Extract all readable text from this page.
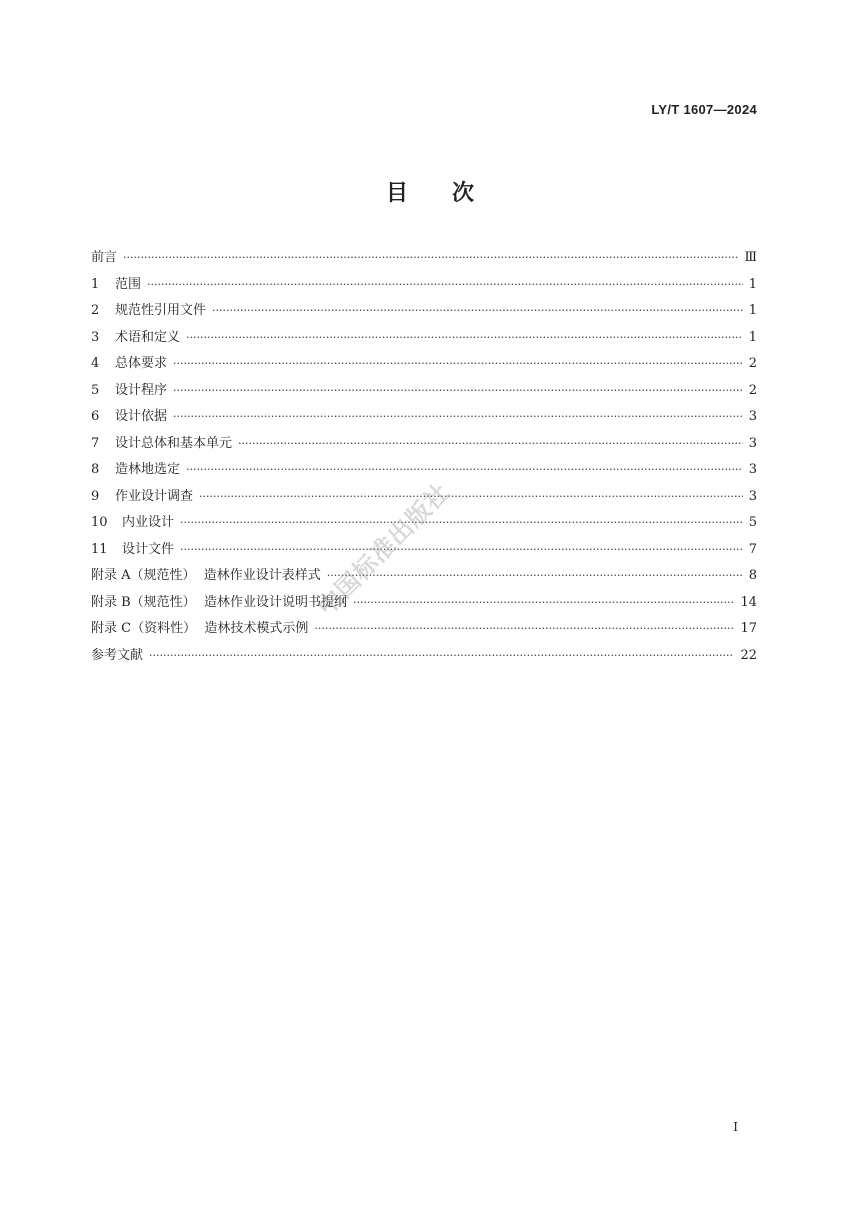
LY/T 1607—2024
目次
前言 ·····	Ⅲ
1 范围 ·····	1
2 规范性引用文件 ·····	1
3 术语和定义 ·····	1
4 总体要求 ·····	2
5 设计程序 ·····	2
6 设计依据 ·····	3
7 设计总体和基本单元 ·····	3
8 造林地选定 ·····	3
9 作业设计调查 ·····	3
10 内业设计 ·····	5
11 设计文件 ·····	7
附录 A（规范性）  造林作业设计表样式 ·····	8
附录 B（规范性）  造林作业设计说明书提纲 ·····	14
附录 C（资料性）  造林技术模式示例 ·····	17
参考文献 ·····	22
中国标准出版社
I
